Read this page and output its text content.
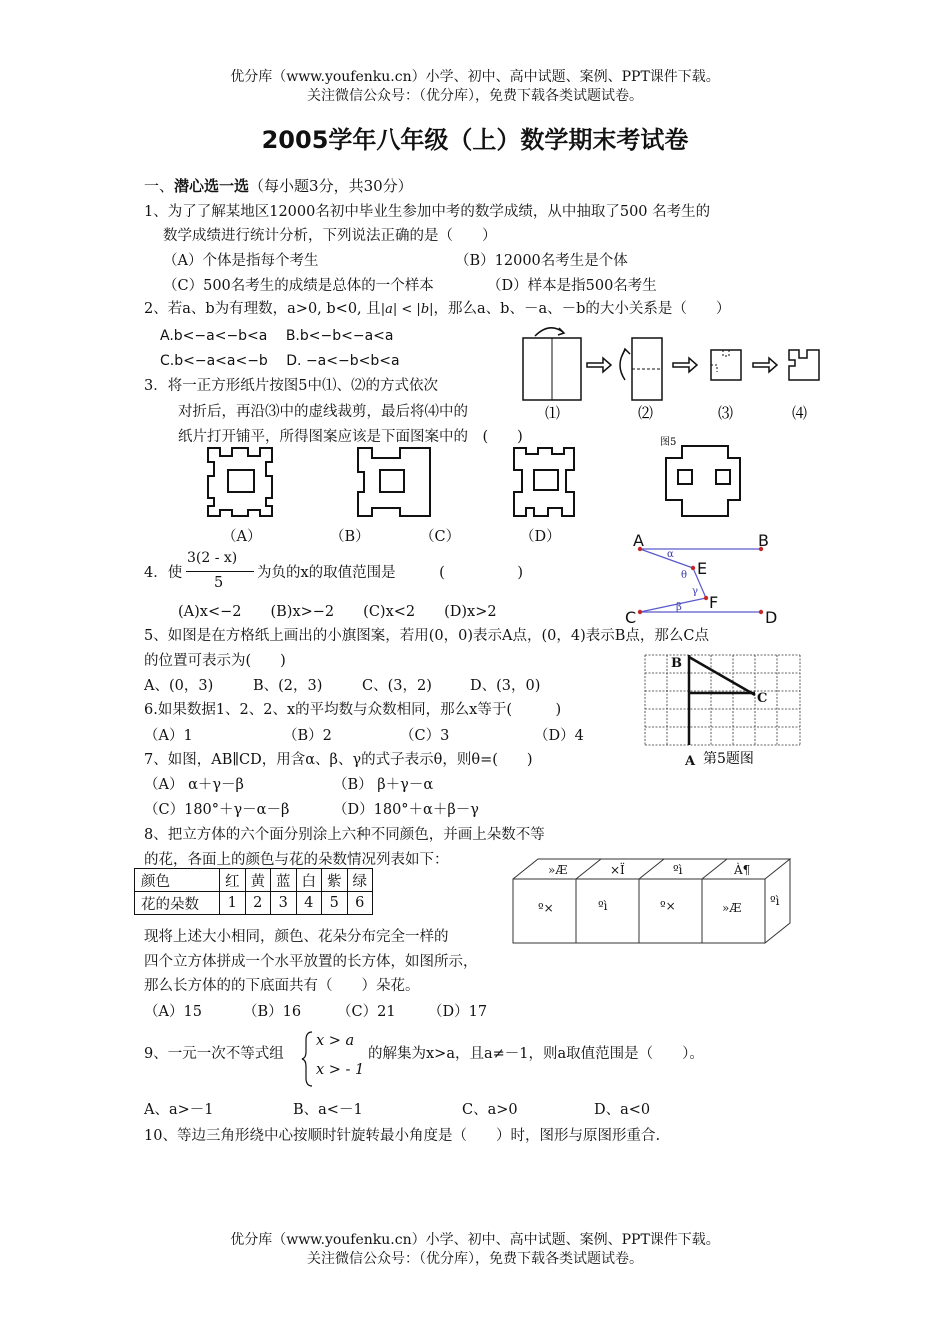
优分库（www.youfenku.cn）小学、初中、高中试题、案例、PPT课件下载。
关注微信公众号：（优分库），免费下载各类试题试卷。
2005学年八年级（上）数学期末考试卷
一、潜心选一选（每小题3分，共30分）
1、为了了解某地区12000名初中毕业生参加中考的数学成绩，从中抽取了500 名考生的
数学成绩进行统计分析，下列说法正确的是（　　）
（A）个体是指每个考生	（B）12000名考生是个体
（C）500名考生的成绩是总体的一个样本	（D）样本是指500名考生
2、若a、b为有理数，a>0, b<0, 且|a| < |b|，那么a、b、－a、－b的大小关系是（　　）
A.b<−a<−b<a　 B.b<−b<−a<a
C.b<−a<a<−b　 D. −a<−b<b<a
3．将一正方形纸片按图5中⑴、⑵的方式依次
对折后，再沿⑶中的虚线裁剪，最后将⑷中的
纸片打开铺平，所得图案应该是下面图案中的　(　　)
⑴	⑵	⑶	⑷
图5
（A）	（B）	（C）	（D）
4．使
3(2 - x)
5
为负的x的取值范围是　　　(　　　　　)
(A)x<−2　　(B)x>−2　　(C)x<2　　(D)x>2
A	B
C	D
E
F
α
θ
γ
β
5、如图是在方格纸上画出的小旗图案，若用(0，0)表示A点，(0，4)表示B点，那么C点
的位置可表示为(　　)
A、(0，3)	B、(2，3)	C、(3，2)	D、(3，0)
B
C
A 第5题图
6.如果数据1、2、2、x的平均数与众数相同，那么x等于(　　　)
（A）1	（B）2	（C）3	（D）4
7、如图，AB∥CD，用含α、β、γ的式子表示θ，则θ=(　　)
（A） α＋γ－β	（B） β＋γ－α
（C）180°＋γ－α－β	（D）180°＋α＋β－γ
8、把立方体的六个面分别涂上六种不同颜色，并画上朵数不等
的花，各面上的颜色与花的朵数情况列表如下：
颜色	红	黄	蓝	白	紫	绿
花的朵数	1	2	3	4	5	6
»Æ	×Ï	ºì	À¶
º×	ºì	º×	»Æ ºì
现将上述大小相同，颜色、花朵分布完全一样的
四个立方体拼成一个水平放置的长方体，如图所示，
那么长方体的的下底面共有（　　）朵花。
（A）15	（B）16 （C）21 （D）17
9、一元一次不等式组
x > a
x > - 1
的解集为x>a，且a≠－1，则a取值范围是（　　）。
A、a>－1	B、a<－1	C、a>0	D、a<0
10、等边三角形绕中心按顺时针旋转最小角度是（　　）时，图形与原图形重合.
优分库（www.youfenku.cn）小学、初中、高中试题、案例、PPT课件下载。
关注微信公众号：（优分库），免费下载各类试题试卷。
